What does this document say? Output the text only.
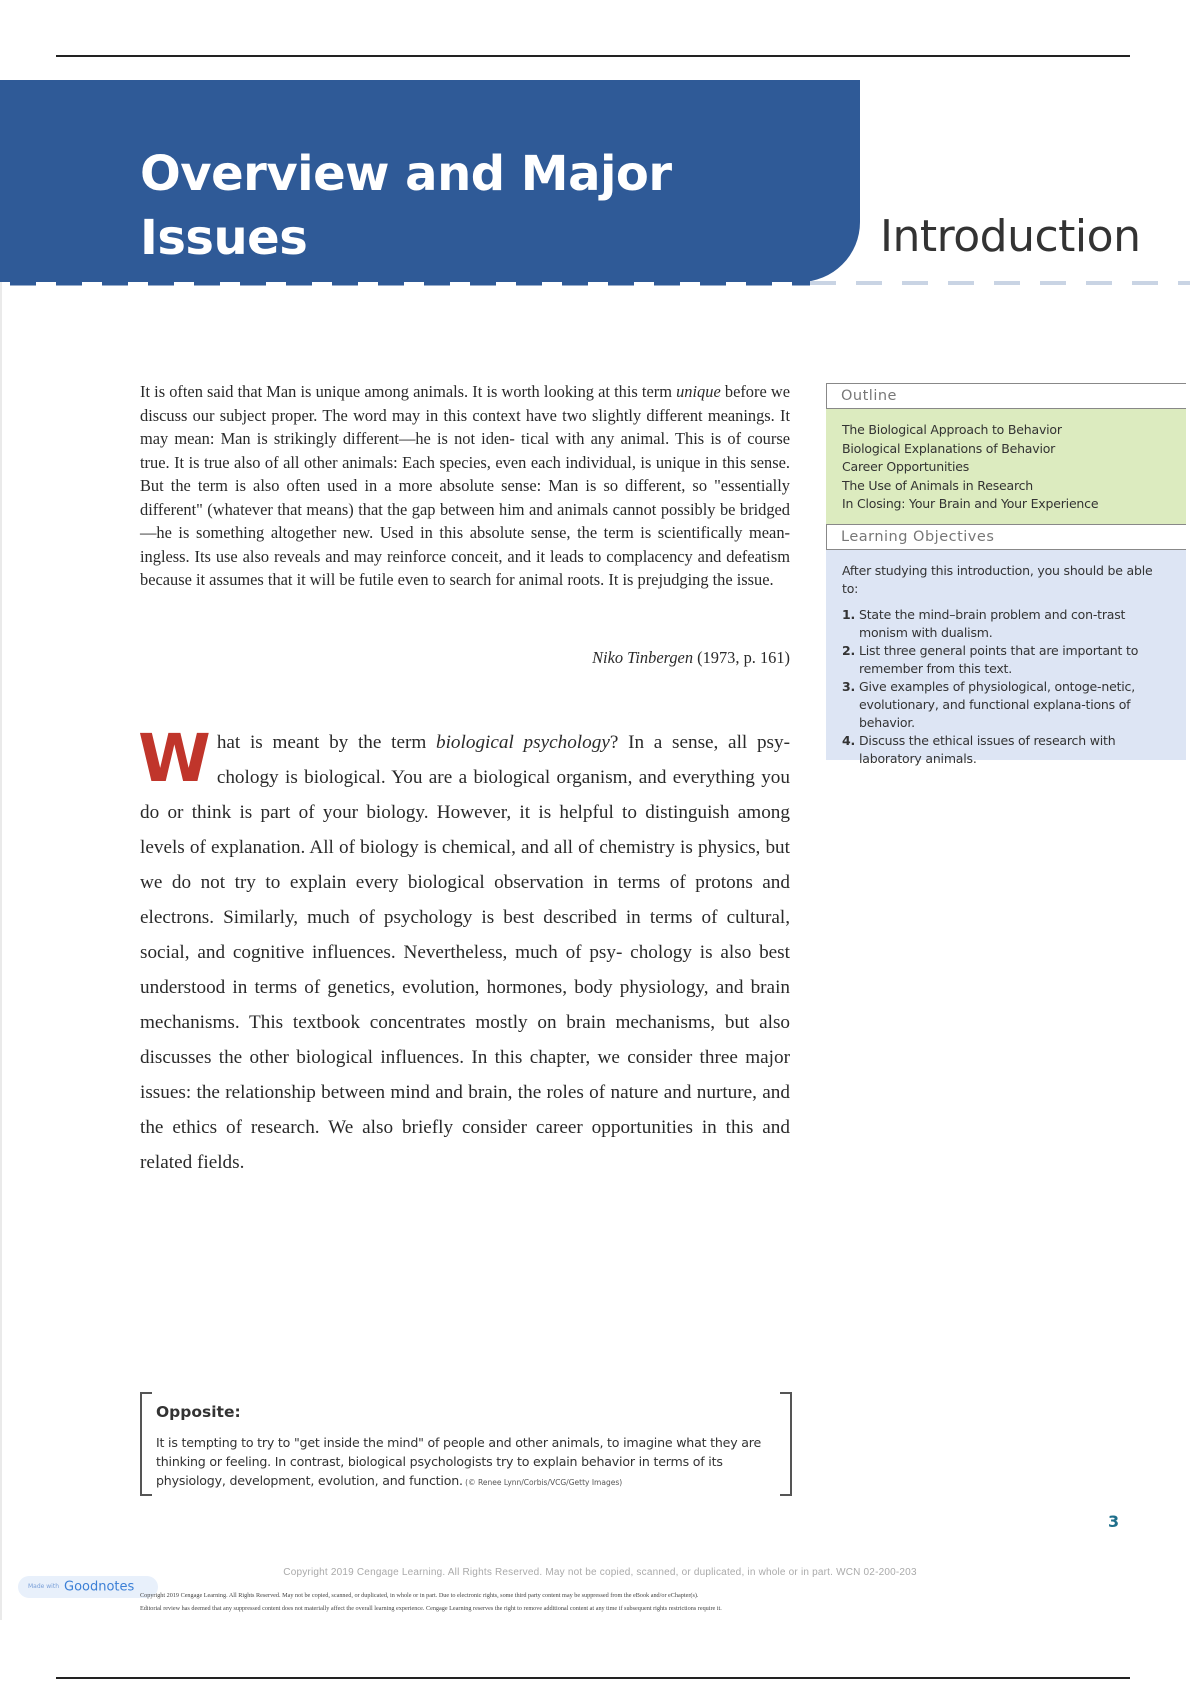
Overview and Major
Issues	Introduction

It is often said that Man is unique among animals. It is worth looking at this term unique before we discuss our subject proper. The word may in this context have two slightly different meanings. It may mean: Man is strikingly different—he is not iden- tical with any animal. This is of course true. It is true also of all other animals: Each species, even each individual, is unique in this sense. But the term is also often used in a more absolute sense: Man is so different, so "essentially different" (whatever that means) that the gap between him and animals cannot possibly be bridged—he is something altogether new. Used in this absolute sense, the term is scientifically mean- ingless. Its use also reveals and may reinforce conceit, and it leads to complacency and defeatism because it assumes that it will be futile even to search for animal roots. It is prejudging the issue.

Niko Tinbergen (1973, p. 161)
W hat is meant by the term biological psychology? In a sense, all psy- chology is biological. You are a biological organism, and everything you do or think is part of your biology. However, it is helpful to distinguish among levels of explanation. All of biology is chemical, and all of chemistry is physics, but we do not try to explain every biological observation in terms of protons and electrons. Similarly, much of psychology is best described in terms of cultural, social, and cognitive influences. Nevertheless, much of psy- chology is also best understood in terms of genetics, evolution, hormones, body physiology, and brain mechanisms. This textbook concentrates mostly on brain mechanisms, but also discusses the other biological influences. In this chapter, we consider three major issues: the relationship between mind and brain, the roles of nature and nurture, and the ethics of research. We also briefly consider career opportunities in this and related fields.

Outline
The Biological Approach to Behavior
Biological Explanations of Behavior
Career Opportunities
The Use of Animals in Research
In Closing: Your Brain and Your Experience
Learning Objectives
After studying this introduction, you should be able to:
1. State the mind–brain problem and con-trast monism with dualism.
2. List three general points that are important to remember from this text.
3. Give examples of physiological, ontoge-netic, evolutionary, and functional explana-tions of behavior.
4. Discuss the ethical issues of research with laboratory animals.
Opposite:
It is tempting to try to "get inside the mind" of people and other animals, to imagine what they are thinking or feeling. In contrast, biological psychologists try to explain behavior in terms of its physiology, development, evolution, and function. (© Renee Lynn/Corbis/VCG/Getty Images)
3
Copyright 2019 Cengage Learning. All Rights Reserved. May not be copied, scanned, or duplicated, in whole or in part. WCN 02-200-203
Made with Goodnotes
Copyright 2019 Cengage Learning. All Rights Reserved. May not be copied, scanned, or duplicated, in whole or in part. Due to electronic rights, some third party content may be suppressed from the eBook and/or eChapter(s).
Editorial review has deemed that any suppressed content does not materially affect the overall learning experience. Cengage Learning reserves the right to remove additional content at any time if subsequent rights restrictions require it.
